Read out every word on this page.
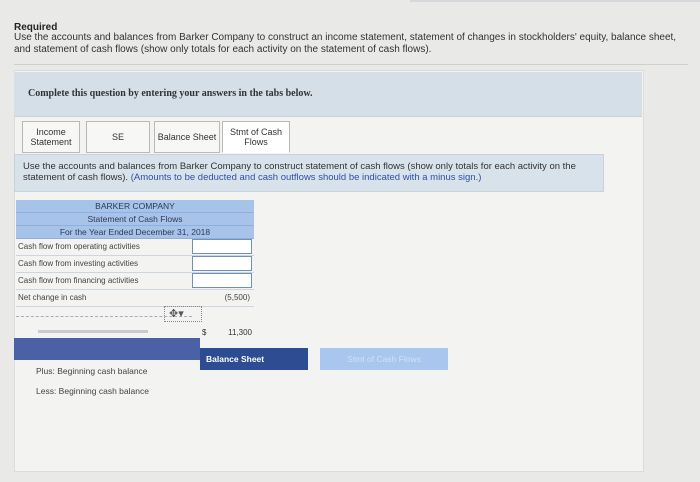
Required
Use the accounts and balances from Barker Company to construct an income statement, statement of changes in stockholders' equity, balance sheet, and statement of cash flows (show only totals for each activity on the statement of cash flows).
Complete this question by entering your answers in the tabs below.
Income
Statement	SE	Balance Sheet	Stmt of Cash
Flows
Use the accounts and balances from Barker Company to construct statement of cash flows (show only totals for each activity on the statement of cash flows). (Amounts to be deducted and cash outflows should be indicated with a minus sign.)
BARKER COMPANY
Statement of Cash Flows
For the Year Ended December 31, 2018
Cash flow from operating activities
Cash flow from investing activities
Cash flow from financing activities
Net change in cash	(5,500)
✥▾
$	11,300
Balance Sheet	Stmt of Cash Flows
Plus: Beginning cash balance
Less: Beginning cash balance
